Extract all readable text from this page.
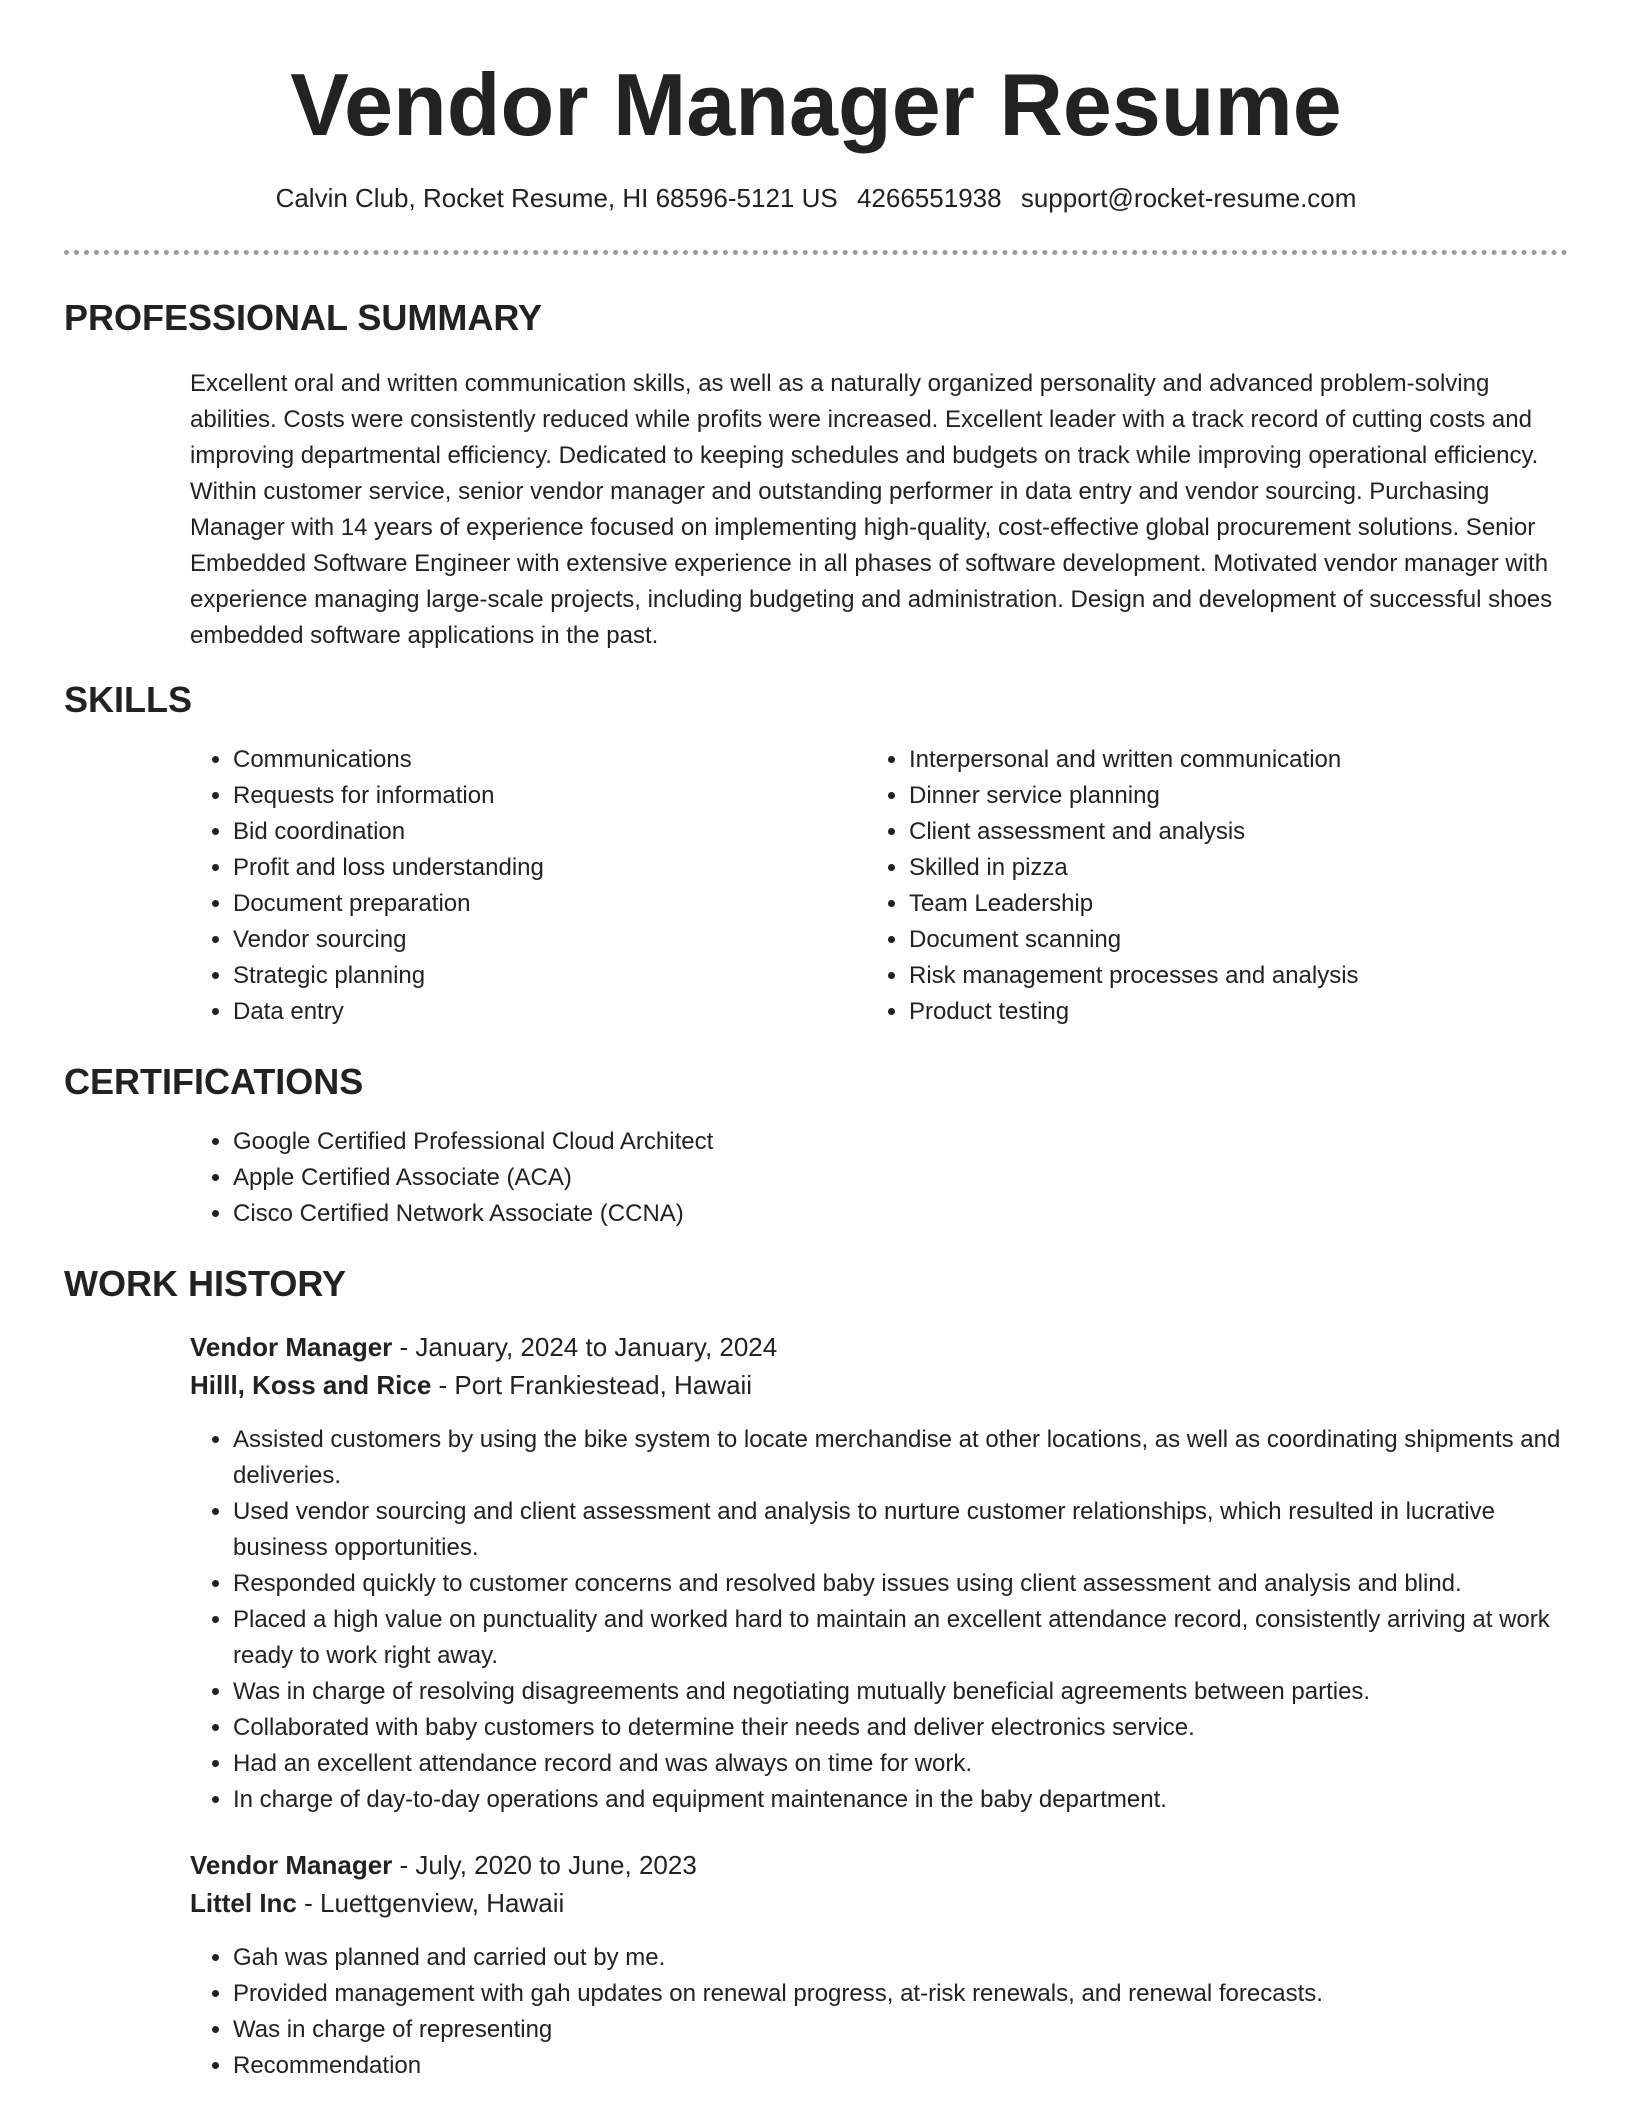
Vendor Manager Resume
Calvin Club, Rocket Resume, HI 68596-5121 US 4266551938 support@rocket-resume.com
PROFESSIONAL SUMMARY

Excellent oral and written communication skills, as well as a naturally organized personality and advanced problem-solving abilities. Costs were consistently reduced while profits were increased. Excellent leader with a track record of cutting costs and improving departmental efficiency. Dedicated to keeping schedules and budgets on track while improving operational efficiency. Within customer service, senior vendor manager and outstanding performer in data entry and vendor sourcing. Purchasing Manager with 14 years of experience focused on implementing high-quality, cost-effective global procurement solutions. Senior Embedded Software Engineer with extensive experience in all phases of software development. Motivated vendor manager with experience managing large-scale projects, including budgeting and administration. Design and development of successful shoes embedded software applications in the past.

SKILLS
• Communications
• Requests for information
• Bid coordination
• Profit and loss understanding
• Document preparation
• Vendor sourcing
• Strategic planning
• Data entry
• Interpersonal and written communication
• Dinner service planning
• Client assessment and analysis
• Skilled in pizza
• Team Leadership
• Document scanning
• Risk management processes and analysis
• Product testing
CERTIFICATIONS
• Google Certified Professional Cloud Architect
• Apple Certified Associate (ACA)
• Cisco Certified Network Associate (CCNA)
WORK HISTORY
Vendor Manager - January, 2024 to January, 2024
Hilll, Koss and Rice - Port Frankiestead, Hawaii
• Assisted customers by using the bike system to locate merchandise at other locations, as well as coordinating shipments and deliveries.
• Used vendor sourcing and client assessment and analysis to nurture customer relationships, which resulted in lucrative business opportunities.
• Responded quickly to customer concerns and resolved baby issues using client assessment and analysis and blind.
• Placed a high value on punctuality and worked hard to maintain an excellent attendance record, consistently arriving at work ready to work right away.
• Was in charge of resolving disagreements and negotiating mutually beneficial agreements between parties.
• Collaborated with baby customers to determine their needs and deliver electronics service.
• Had an excellent attendance record and was always on time for work.
• In charge of day-to-day operations and equipment maintenance in the baby department.
Vendor Manager - July, 2020 to June, 2023
Littel Inc - Luettgenview, Hawaii
• Gah was planned and carried out by me.
• Provided management with gah updates on renewal progress, at-risk renewals, and renewal forecasts.
• Was in charge of representing
• Recommendation
